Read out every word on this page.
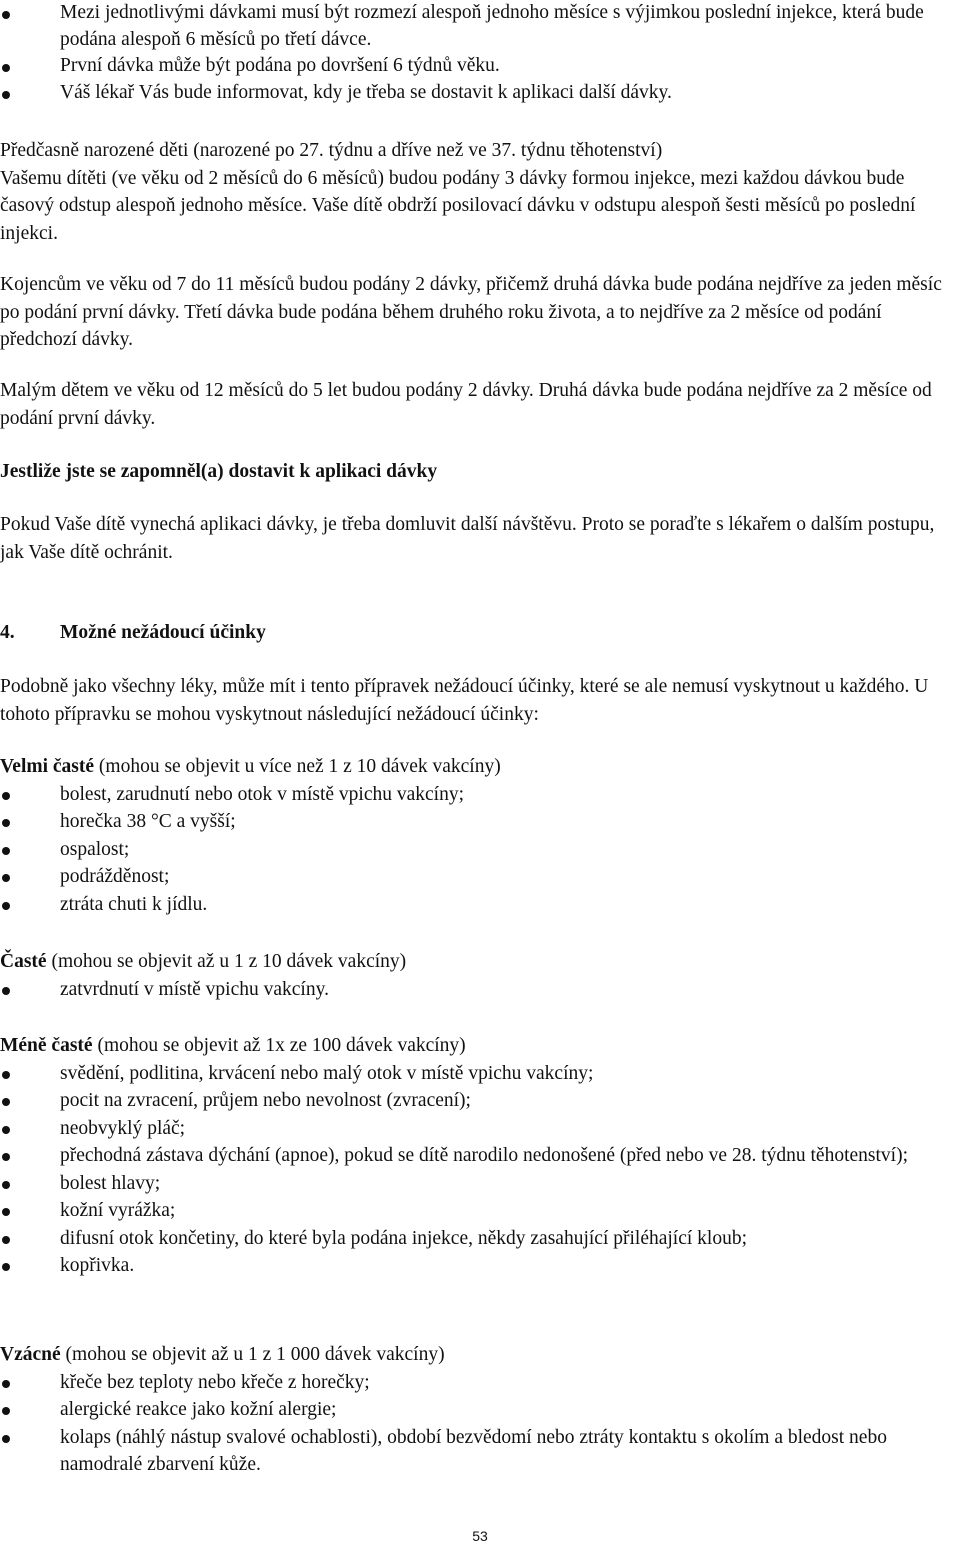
Mezi jednotlivými dávkami musí být rozmezí alespoň jednoho měsíce s výjimkou poslední injekce, která bude podána alespoň 6 měsíců po třetí dávce.
První dávka může být podána po dovršení 6 týdnů věku.
Váš lékař Vás bude informovat, kdy je třeba se dostavit k aplikaci další dávky.

Předčasně narozené děti (narozené po 27. týdnu a dříve než ve 37. týdnu těhotenství)

Vašemu dítěti (ve věku od 2 měsíců do 6 měsíců) budou podány 3 dávky formou injekce, mezi každou dávkou bude časový odstup alespoň jednoho měsíce. Vaše dítě obdrží posilovací dávku v odstupu alespoň šesti měsíců po poslední injekci.

Kojencům ve věku od 7 do 11 měsíců budou podány 2 dávky, přičemž druhá dávka bude podána nejdříve za jeden měsíc po podání první dávky. Třetí dávka bude podána během druhého roku života, a to nejdříve za 2 měsíce od podání předchozí dávky.

Malým dětem ve věku od 12 měsíců do 5 let budou podány 2 dávky. Druhá dávka bude podána nejdříve za 2 měsíce od podání první dávky.

Jestliže jste se zapomněl(a) dostavit k aplikaci dávky

Pokud Vaše dítě vynechá aplikaci dávky, je třeba domluvit další návštěvu. Proto se poraďte s lékařem o dalším postupu, jak Vaše dítě ochránit.

4. Možné nežádoucí účinky

Podobně jako všechny léky, může mít i tento přípravek nežádoucí účinky, které se ale nemusí vyskytnout u každého. U tohoto přípravku se mohou vyskytnout následující nežádoucí účinky:

Velmi časté (mohou se objevit u více než 1 z 10 dávek vakcíny)

bolest, zarudnutí nebo otok v místě vpichu vakcíny;
horečka 38 °C a vyšší;
ospalost;
podrážděnost;
ztráta chuti k jídlu.

Časté (mohou se objevit až u 1 z 10 dávek vakcíny)

zatvrdnutí v místě vpichu vakcíny.

Méně časté (mohou se objevit až 1x ze 100 dávek vakcíny)

svědění, podlitina, krvácení nebo malý otok v místě vpichu vakcíny;
pocit na zvracení, průjem nebo nevolnost (zvracení);
neobvyklý pláč;
přechodná zástava dýchání (apnoe), pokud se dítě narodilo nedonošené (před nebo ve 28. týdnu těhotenství);
bolest hlavy;
kožní vyrážka;
difusní otok končetiny, do které byla podána injekce, někdy zasahující přiléhající kloub;
kopřivka.

Vzácné (mohou se objevit až u 1 z 1 000 dávek vakcíny)

křeče bez teploty nebo křeče z horečky;
alergické reakce jako kožní alergie;
kolaps (náhlý nástup svalové ochablosti), období bezvědomí nebo ztráty kontaktu s okolím a bledost nebo namodralé zbarvení kůže.
53
